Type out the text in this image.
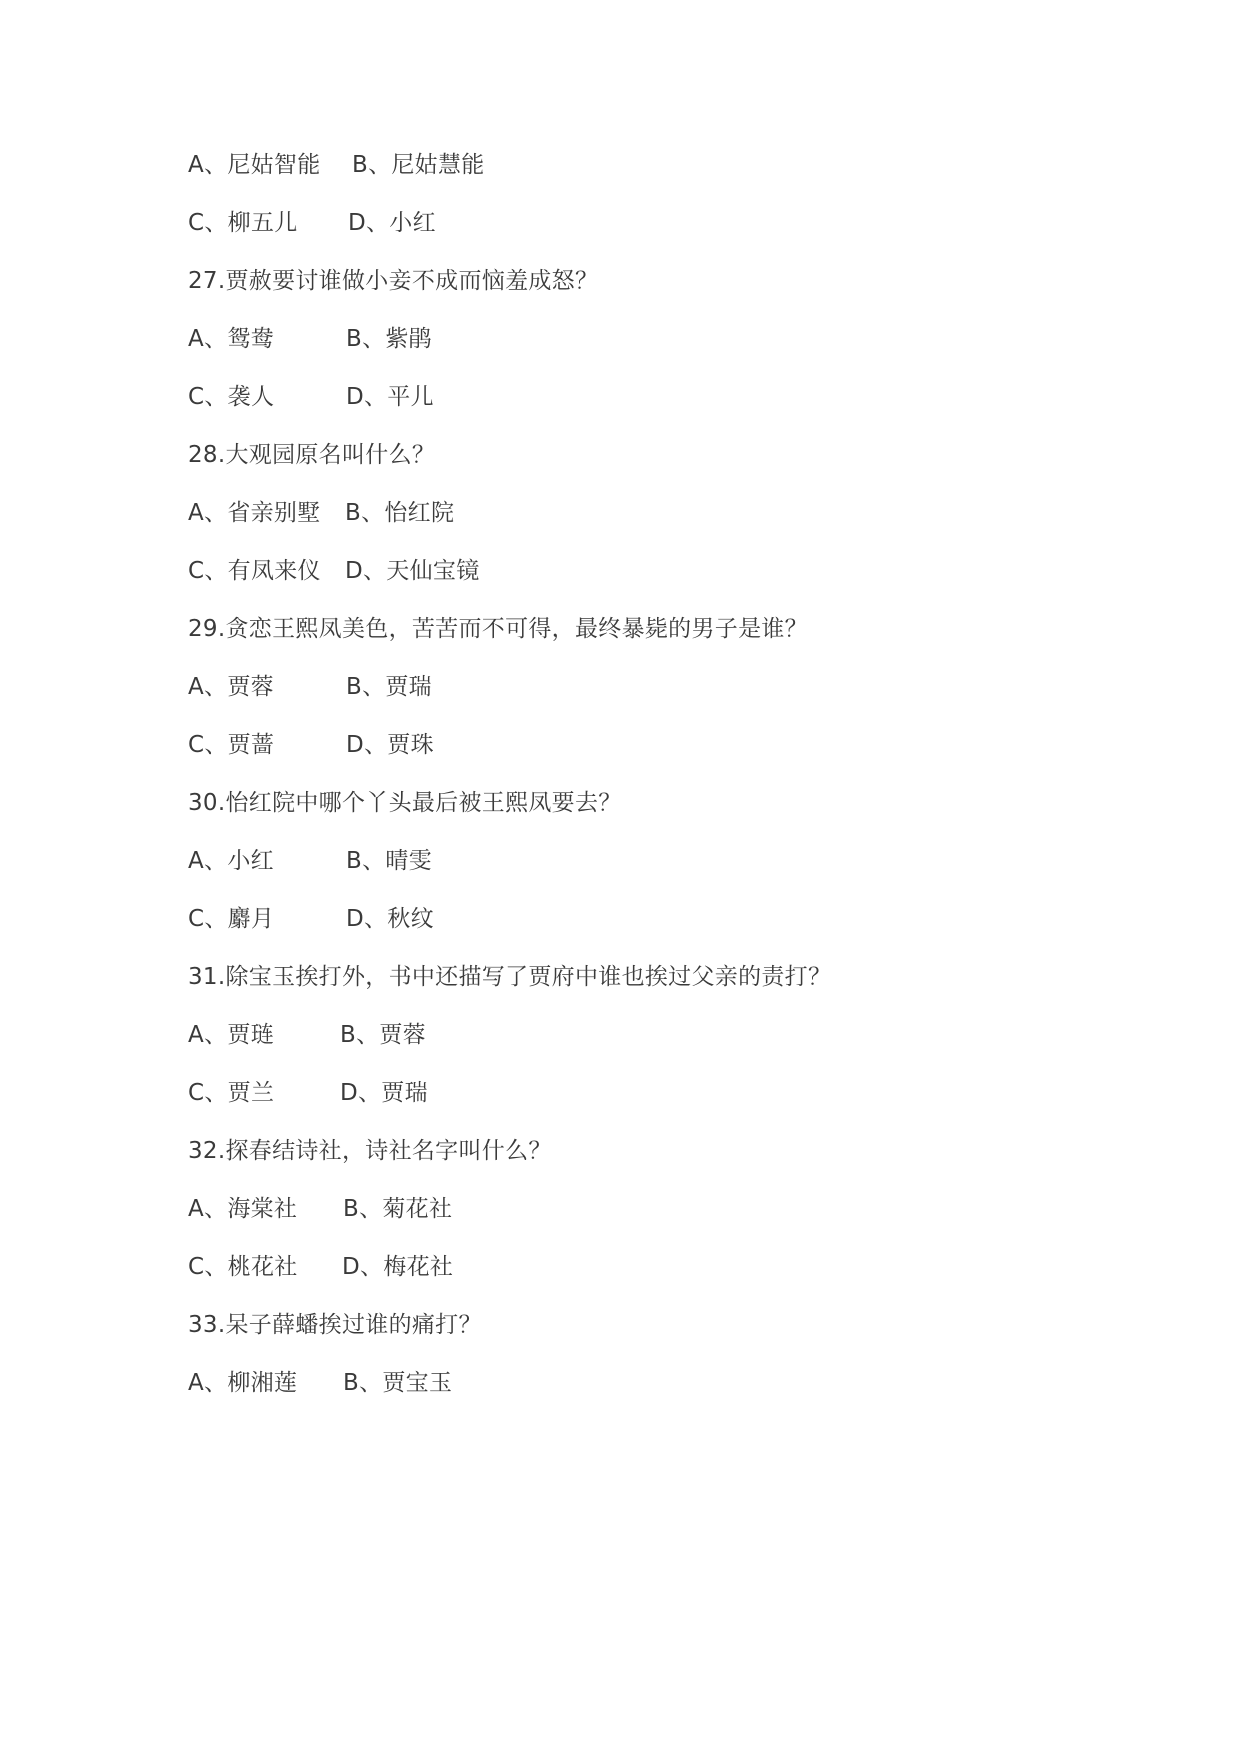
A、尼姑智能 B、尼姑慧能
C、柳五儿 D、小红
27.贾赦要讨谁做小妾不成而恼羞成怒？
A、鸳鸯	B、紫鹃
C、袭人	D、平儿
28.大观园原名叫什么？
A、省亲别墅 B、怡红院
C、有凤来仪 D、天仙宝镜
29.贪恋王熙凤美色，苦苦而不可得，最终暴毙的男子是谁？
A、贾蓉	B、贾瑞
C、贾蔷	D、贾珠
30.怡红院中哪个丫头最后被王熙凤要去？
A、小红	B、晴雯
C、麝月	D、秋纹
31.除宝玉挨打外，书中还描写了贾府中谁也挨过父亲的责打？
A、贾琏	B、贾蓉
C、贾兰	D、贾瑞
32.探春结诗社，诗社名字叫什么？
A、海棠社 B、菊花社
C、桃花社 D、梅花社
33.呆子薛蟠挨过谁的痛打？
A、柳湘莲 B、贾宝玉
